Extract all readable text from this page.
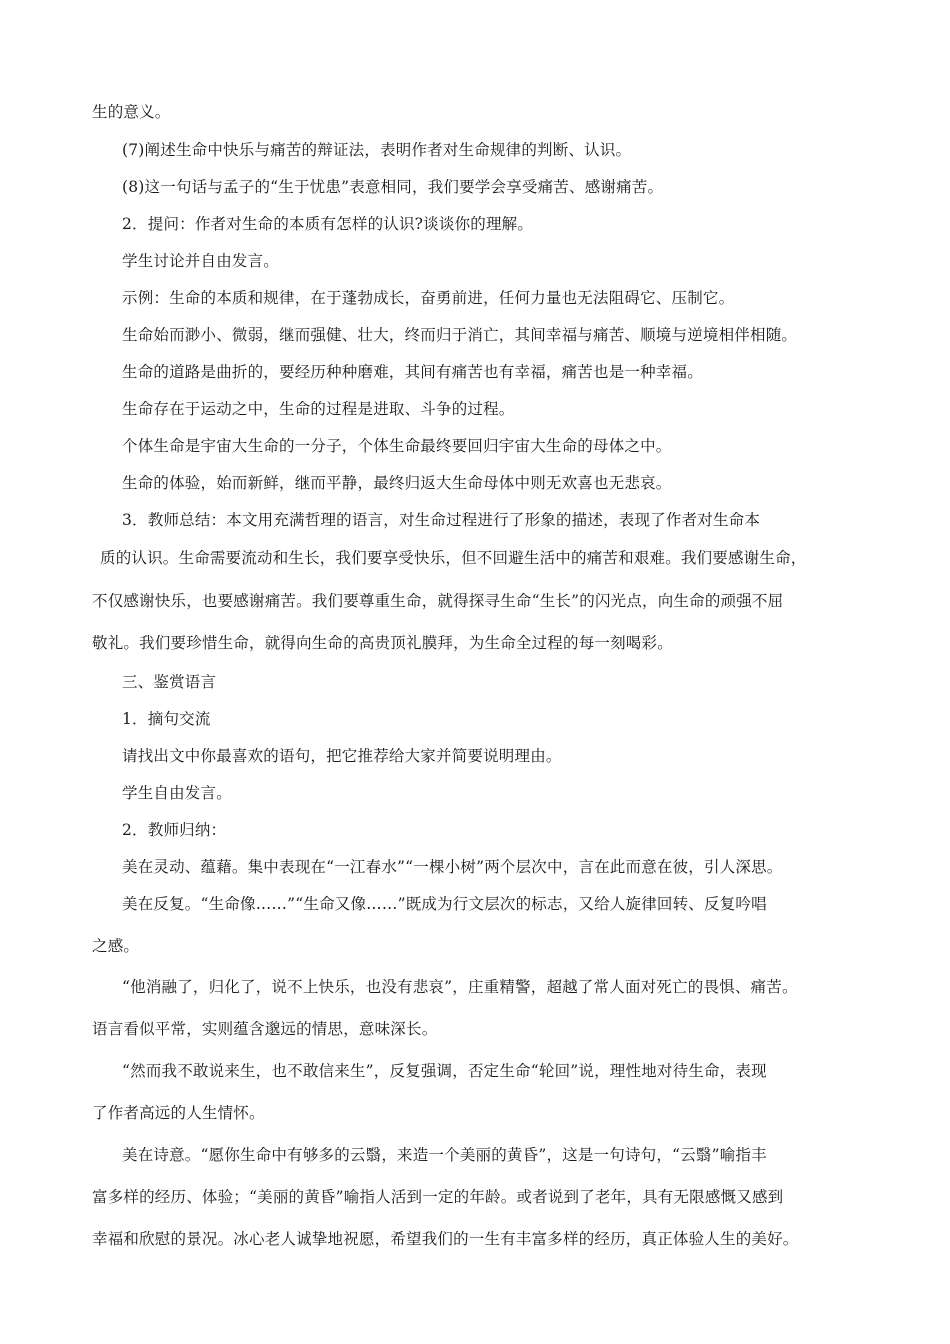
生的意义。
(7)阐述生命中快乐与痛苦的辩证法，表明作者对生命规律的判断、认识。
(8)这一句话与孟子的“生于忧患”表意相同，我们要学会享受痛苦、感谢痛苦。
2．提问：作者对生命的本质有怎样的认识?谈谈你的理解。
学生讨论并自由发言。
示例：生命的本质和规律，在于蓬勃成长，奋勇前进，任何力量也无法阻碍它、压制它。
生命始而渺小、微弱，继而强健、壮大，终而归于消亡，其间幸福与痛苦、顺境与逆境相伴相随。
生命的道路是曲折的，要经历种种磨难，其间有痛苦也有幸福，痛苦也是一种幸福。
生命存在于运动之中，生命的过程是进取、斗争的过程。
个体生命是宇宙大生命的一分子，个体生命最终要回归宇宙大生命的母体之中。
生命的体验，始而新鲜，继而平静，最终归返大生命母体中则无欢喜也无悲哀。
3．教师总结：本文用充满哲理的语言，对生命过程进行了形象的描述，表现了作者对生命本
质的认识。生命需要流动和生长，我们要享受快乐，但不回避生活中的痛苦和艰难。我们要感谢生命，
不仅感谢快乐，也要感谢痛苦。我们要尊重生命，就得探寻生命“生长”的闪光点，向生命的顽强不屈
敬礼。我们要珍惜生命，就得向生命的高贵顶礼膜拜，为生命全过程的每一刻喝彩。
三、鉴赏语言
1．摘句交流
请找出文中你最喜欢的语句，把它推荐给大家并简要说明理由。
学生自由发言。
2．教师归纳：
美在灵动、蕴藉。集中表现在“一江春水”“一棵小树”两个层次中，言在此而意在彼，引人深思。
美在反复。“生命像……”“生命又像……”既成为行文层次的标志，又给人旋律回转、反复吟唱
之感。
“他消融了，归化了，说不上快乐，也没有悲哀”，庄重精警，超越了常人面对死亡的畏惧、痛苦。
语言看似平常，实则蕴含邈远的情思，意味深长。
“然而我不敢说来生，也不敢信来生”，反复强调，否定生命“轮回”说，理性地对待生命，表现
了作者高远的人生情怀。
美在诗意。“愿你生命中有够多的云翳，来造一个美丽的黄昏”，这是一句诗句，“云翳”喻指丰
富多样的经历、体验；“美丽的黄昏”喻指人活到一定的年龄。或者说到了老年，具有无限感慨又感到
幸福和欣慰的景况。冰心老人诚挚地祝愿，希望我们的一生有丰富多样的经历，真正体验人生的美好。
